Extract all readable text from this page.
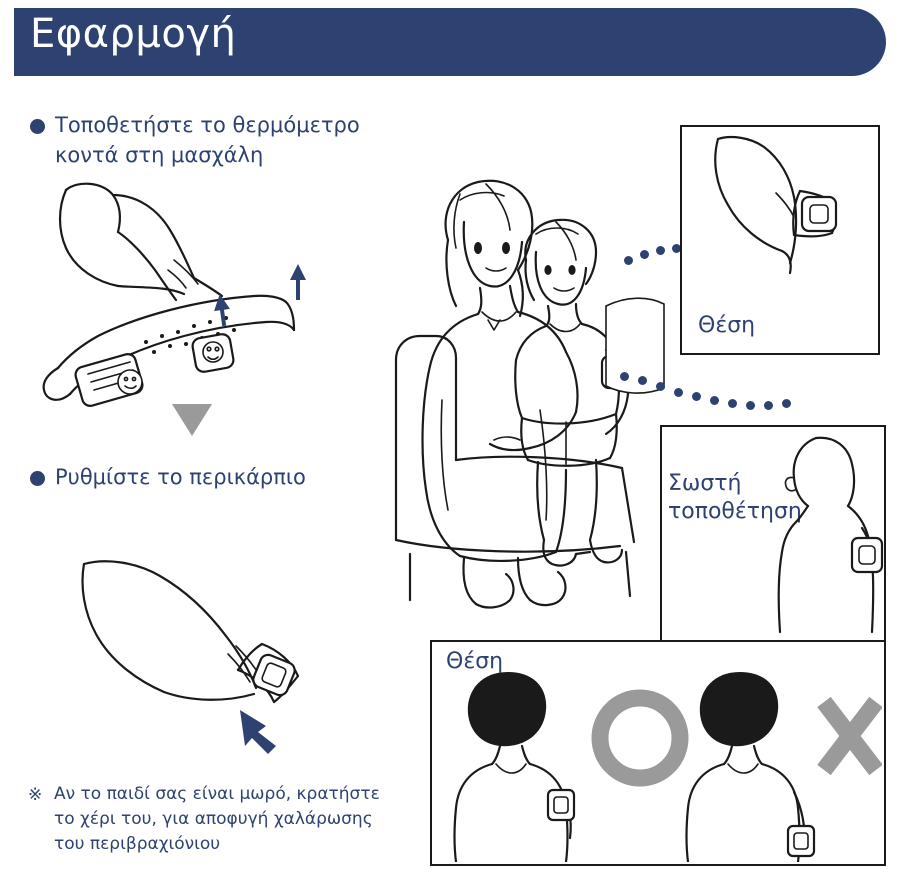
Εφαρμογή
Τοποθετήστε το θερμόμετρο κοντά στη μασχάλη
Ρυθμίστε το περικάρπιο
※ Αν το παιδί σας είναι μωρό, κρατήστε το χέρι του, για αποφυγή χαλάρωσης του περιβραχιόνιου
Θέση
Σωστή τοποθέτηση
Θέση
